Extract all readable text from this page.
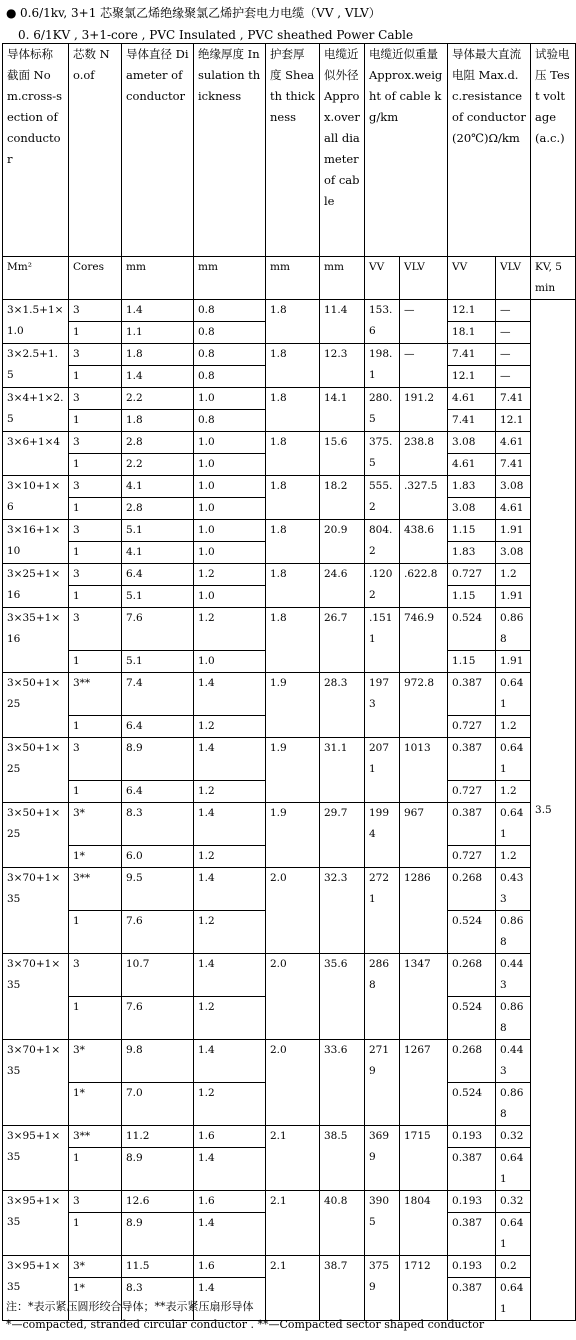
● 0.6/1kv, 3+1 芯聚氯乙烯绝缘聚氯乙烯护套电力电缆（VV , VLV）
0. 6/1KV , 3+1-core , PVC Insulated , PVC sheathed Power Cable
导体标称截面 Nom.cross-section of conductor	芯数 No.of	导体直径 Diameter of conductor	绝缘厚度 Insulation thickness	护套厚度 Sheath thickness	电缆近似外径 Approx.overall diameter of cable	电缆近似重量 Approx.weight of cable kg/km		导体最大直流电阻 Max.d.c.resistance of conductor(20℃)Ω/km		试验电压 Test voltage(a.c.)
Mm²	Cores	mm	mm	mm	mm	VV	VLV	VV	VLV	KV, 5min
3×1.5+1×1.0	3	1.4	0.8	1.8	11.4	153.6	—	12.1	—	3.5
	1	1.1	0.8					18.1	—	
3×2.5+1.5	3	1.8	0.8	1.8	12.3	198.1	—	7.41	—	
	1	1.4	0.8					12.1	—	
3×4+1×2.5	3	2.2	1.0	1.8	14.1	280.5	191.2	4.61	7.41	
	1	1.8	0.8					7.41	12.1	
3×6+1×4	3	2.8	1.0	1.8	15.6	375.5	238.8	3.08	4.61	
	1	2.2	1.0					4.61	7.41	
3×10+1×6	3	4.1	1.0	1.8	18.2	555.2	.327.5	1.83	3.08	
	1	2.8	1.0					3.08	4.61	
3×16+1×10	3	5.1	1.0	1.8	20.9	804.2	438.6	1.15	1.91	
	1	4.1	1.0					1.83	3.08	
3×25+1×16	3	6.4	1.2	1.8	24.6	.1202	.622.8	0.727	1.2	
	1	5.1	1.0					1.15	1.91	
3×35+1×16	3	7.6	1.2	1.8	26.7	.1511	746.9	0.524	0.868	
	1	5.1	1.0					1.15	1.91	
3×50+1×25	3**	7.4	1.4	1.9	28.3	1973	972.8	0.387	0.641	
	1	6.4	1.2					0.727	1.2	
3×50+1×25	3	8.9	1.4	1.9	31.1	2071	1013	0.387	0.641	
	1	6.4	1.2					0.727	1.2	
3×50+1×25	3*	8.3	1.4	1.9	29.7	1994	967	0.387	0.641	
	1*	6.0	1.2					0.727	1.2	
3×70+1×35	3**	9.5	1.4	2.0	32.3	2721	1286	0.268	0.433	
	1	7.6	1.2					0.524	0.868	
3×70+1×35	3	10.7	1.4	2.0	35.6	2868	1347	0.268	0.443	
	1	7.6	1.2					0.524	0.868	
3×70+1×35	3*	9.8	1.4	2.0	33.6	2719	1267	0.268	0.443	
	1*	7.0	1.2					0.524	0.868	
3×95+1×35	3**	11.2	1.6	2.1	38.5	3699	1715	0.193	0.32	
	1	8.9	1.4					0.387	0.641	
3×95+1×35	3	12.6	1.6	2.1	40.8	3905	1804	0.193	0.32	
	1	8.9	1.4					0.387	0.641	
3×95+1×35	3*	11.5	1.6	2.1	38.7	3759	1712	0.193	0.2	
	1*	8.3	1.4					0.387	0.641	
注：*表示紧压圆形绞合导体；**表示紧压扇形导体
*—compacted, stranded circular conductor . **—Compacted sector shaped conductor
